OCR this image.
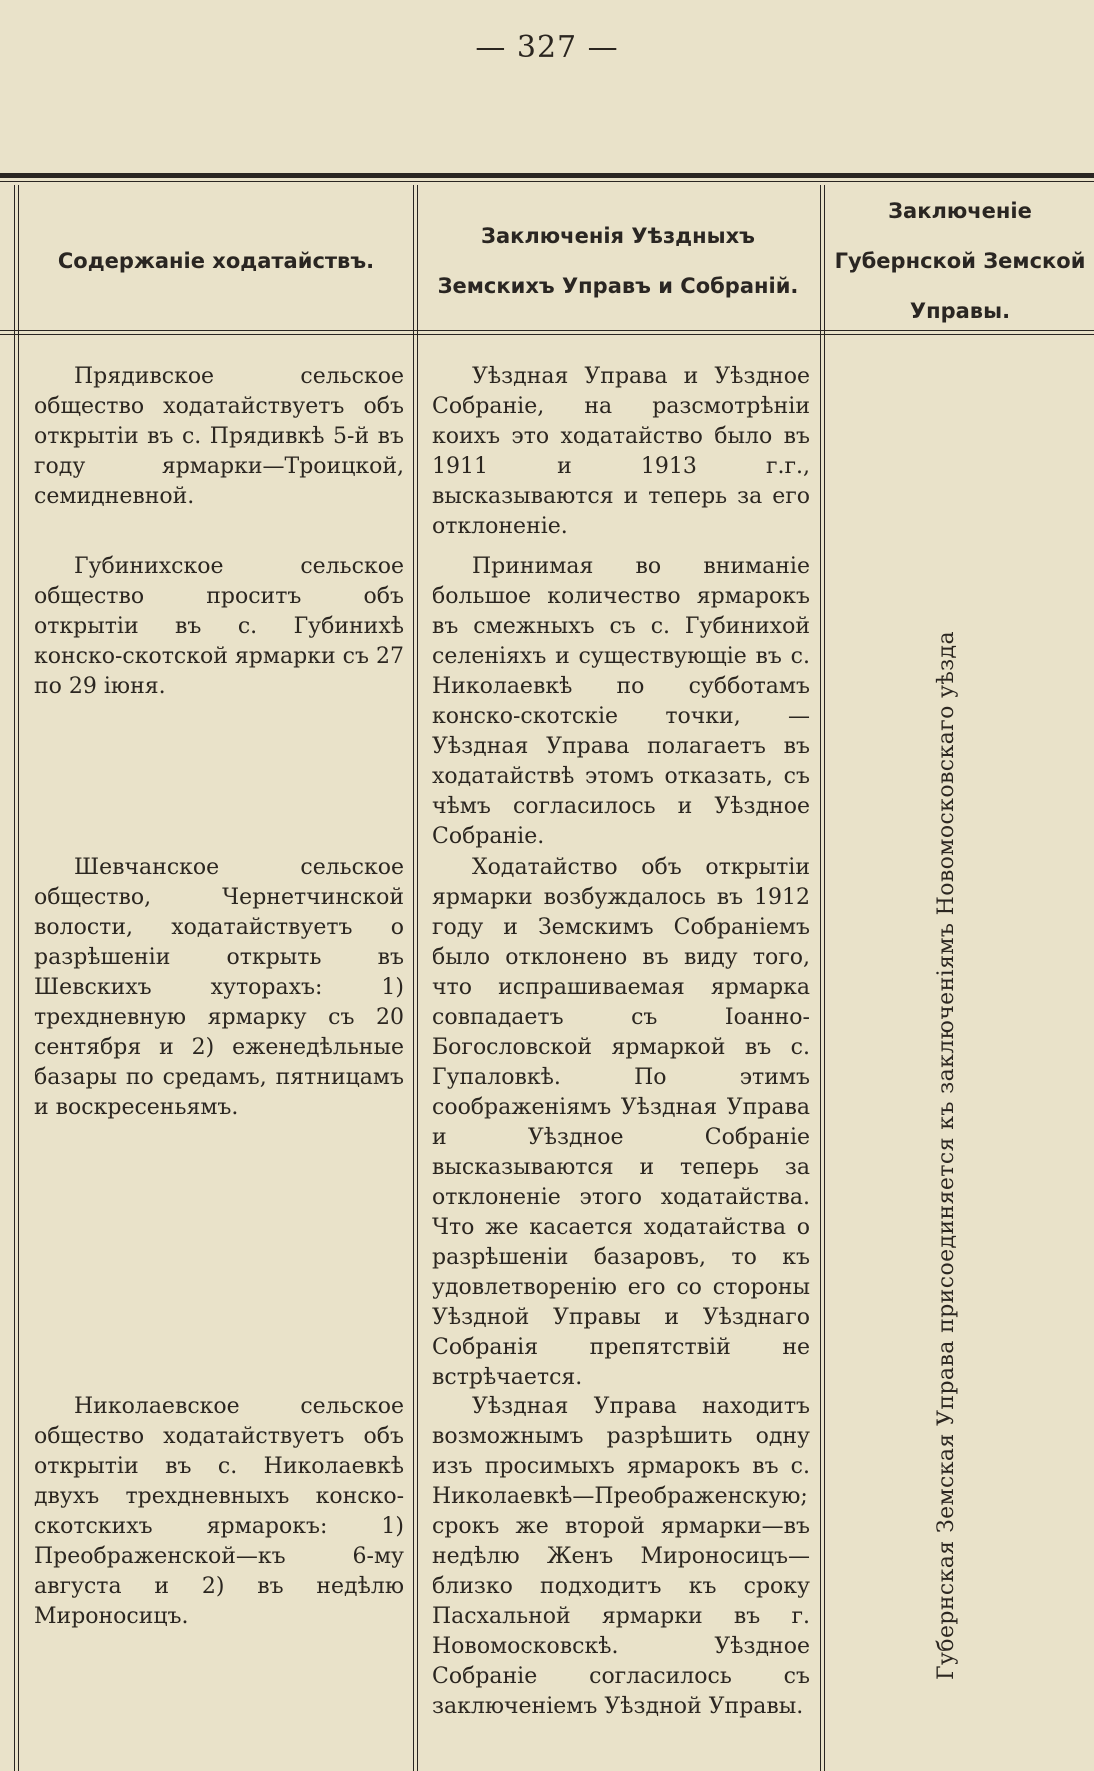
— 327 —
Содержаніе ходатайствъ.
Заключенія Уѣздныхъ Земскихъ Управъ и Собраній.
Заключеніе Губернской Земской Управы.
Прядивское сельское общество ходатайствуетъ объ открытіи въ с. Прядивкѣ 5-й въ году ярмарки—Троицкой, семидневной.
Губинихское сельское общество проситъ объ открытіи въ с. Губинихѣ конско-скотской ярмарки съ 27 по 29 іюня.
Шевчанское сельское общество, Чернетчинской волости, ходатайствуетъ о разрѣшеніи открыть въ Шевскихъ хуторахъ: 1) трехдневную ярмарку съ 20 сентября и 2) еженедѣльные базары по средамъ, пятницамъ и воскресеньямъ.
Николаевское сельское общество ходатайствуетъ объ открытіи въ с. Николаевкѣ двухъ трехдневныхъ конско-скотскихъ ярмарокъ: 1) Преображенской—къ 6-му августа и 2) въ недѣлю Мироносицъ.
Уѣздная Управа и Уѣздное Собраніе, на разсмотрѣніи коихъ это ходатайство было въ 1911 и 1913 г.г., высказываются и теперь за его отклоненіе.
Принимая во вниманіе большое количество ярмарокъ въ смежныхъ съ с. Губинихой селеніяхъ и существующіе въ с. Николаевкѣ по субботамъ конско-скотскіе точки, — Уѣздная Управа полагаетъ въ ходатайствѣ этомъ отказать, съ чѣмъ согласилось и Уѣздное Собраніе.
Ходатайство объ открытіи ярмарки возбуждалось въ 1912 году и Земскимъ Собраніемъ было отклонено въ виду того, что испрашиваемая ярмарка совпадаетъ съ Іоанно-Богословской ярмаркой въ с. Гупаловкѣ. По этимъ соображеніямъ Уѣздная Управа и Уѣздное Собраніе высказываются и теперь за отклоненіе этого ходатайства. Что же касается ходатайства о разрѣшеніи базаровъ, то къ удовлетворенію его со стороны Уѣздной Управы и Уѣзднаго Собранія препятствій не встрѣчается.
Уѣздная Управа находитъ возможнымъ разрѣшить одну изъ просимыхъ ярмарокъ въ с. Николаевкѣ—Преображенскую; срокъ же второй ярмарки—въ недѣлю Женъ Мироносицъ— близко подходитъ къ сроку Пасхальной ярмарки въ г. Новомосковскѣ. Уѣздное Собраніе согласилось съ заключеніемъ Уѣздной Управы.
Губернская Земская Управа присоединяется къ заключеніямъ Новомосковскаго уѣзда
